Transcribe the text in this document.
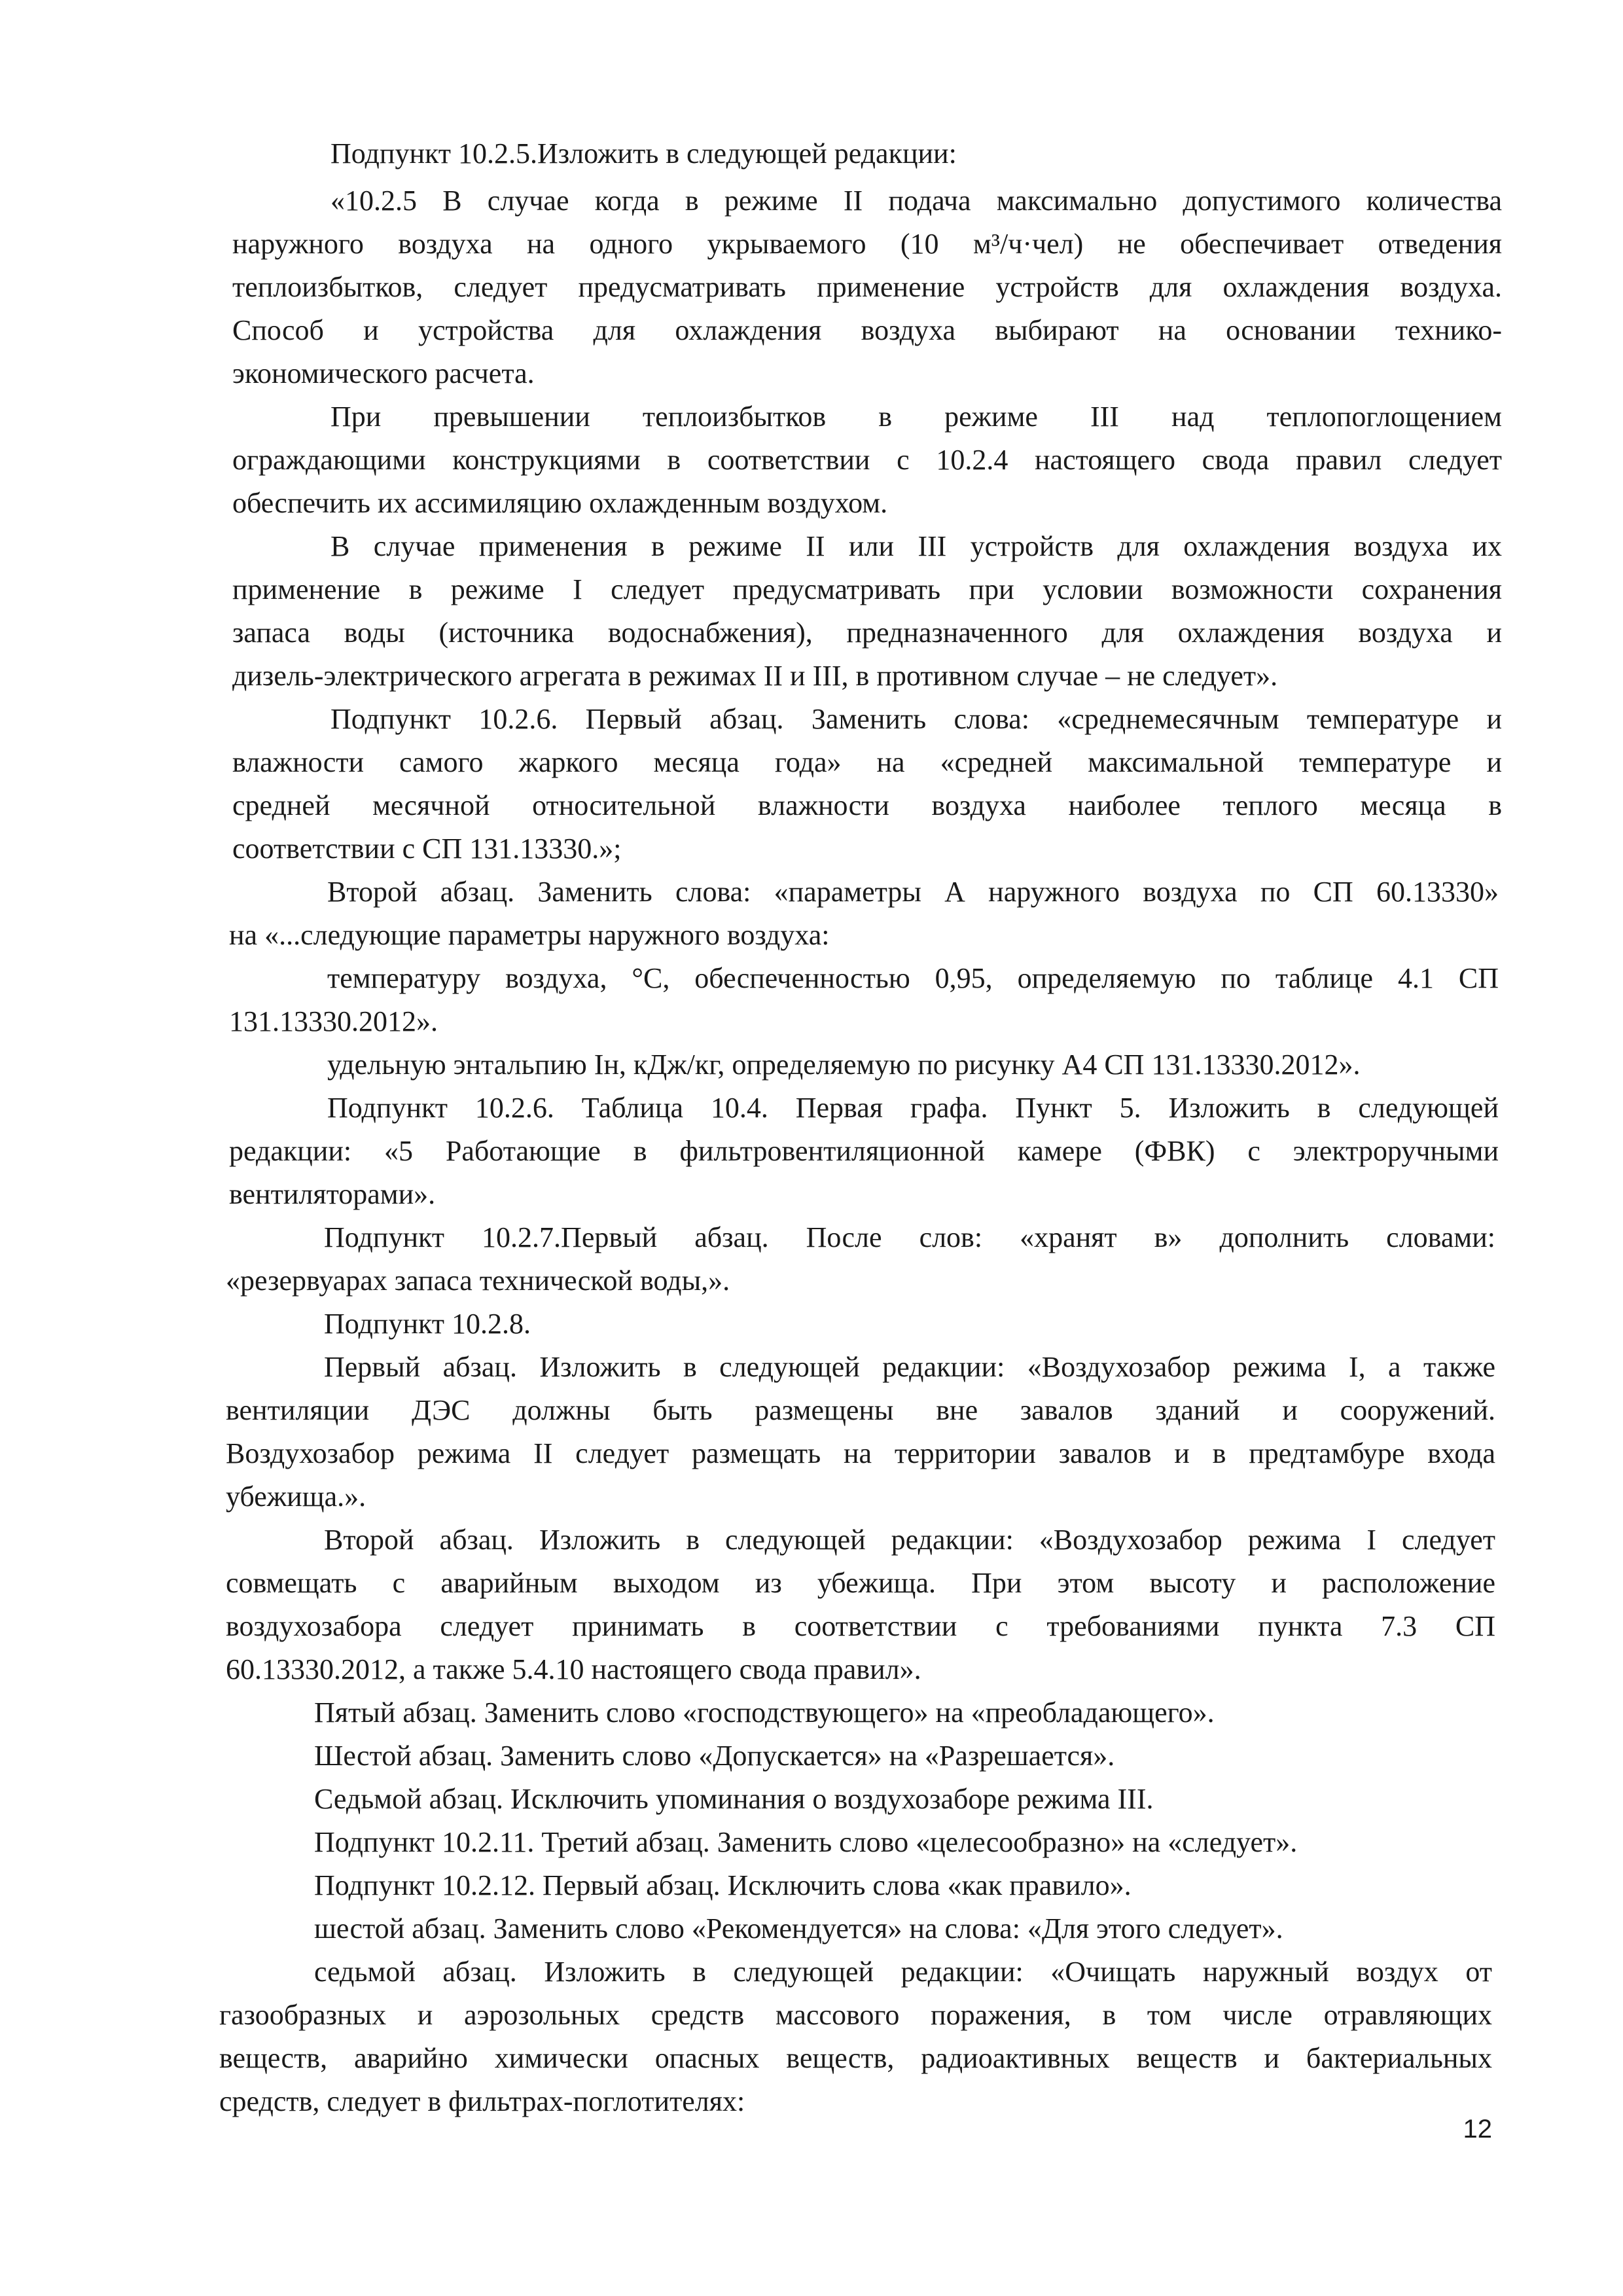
Подпункт 10.2.5.Изложить в следующей редакции:

«10.2.5 В случае когда в режиме II подача максимально допустимого количества

наружного воздуха на одного укрываемого (10 м³/ч·чел) не обеспечивает отведения

теплоизбытков, следует предусматривать применение устройств для охлаждения воздуха.

Способ и устройства для охлаждения воздуха выбирают на основании технико-

экономического расчета.

При превышении теплоизбытков в режиме III над теплопоглощением

ограждающими конструкциями в соответствии с 10.2.4 настоящего свода правил следует

обеспечить их ассимиляцию охлажденным воздухом.

В случае применения в режиме II или III устройств для охлаждения воздуха их

применение в режиме I следует предусматривать при условии возможности сохранения

запаса воды (источника водоснабжения), предназначенного для охлаждения воздуха и

дизель-электрического агрегата в режимах II и III, в противном случае – не следует».

Подпункт 10.2.6. Первый абзац. Заменить слова: «среднемесячным температуре и

влажности самого жаркого месяца года» на «средней максимальной температуре и

средней месячной относительной влажности воздуха наиболее теплого месяца в

соответствии с СП 131.13330.»;

Второй абзац. Заменить слова: «параметры А наружного воздуха по СП 60.13330»

на «...следующие параметры наружного воздуха:

температуру воздуха, °С, обеспеченностью 0,95, определяемую по таблице 4.1 СП

131.13330.2012».

удельную энтальпию Iн, кДж/кг, определяемую по рисунку А4 СП 131.13330.2012».

Подпункт 10.2.6. Таблица 10.4. Первая графа. Пункт 5. Изложить в следующей

редакции: «5 Работающие в фильтровентиляционной камере (ФВК) с электроручными

вентиляторами».

Подпункт 10.2.7.Первый абзац. После слов: «хранят в» дополнить словами:

«резервуарах запаса технической воды,».

Подпункт 10.2.8.

Первый абзац. Изложить в следующей редакции: «Воздухозабор режима I, а также

вентиляции ДЭС должны быть размещены вне завалов зданий и сооружений.

Воздухозабор режима II следует размещать на территории завалов и в предтамбуре входа

убежища.».

Второй абзац. Изложить в следующей редакции: «Воздухозабор режима I следует

совмещать с аварийным выходом из убежища. При этом высоту и расположение

воздухозабора следует принимать в соответствии с требованиями пункта 7.3 СП

60.13330.2012, а также 5.4.10 настоящего свода правил».

Пятый абзац. Заменить слово «господствующего» на «преобладающего».

Шестой абзац. Заменить слово «Допускается» на «Разрешается».

Седьмой абзац. Исключить упоминания о воздухозаборе режима III.

Подпункт 10.2.11. Третий абзац. Заменить слово «целесообразно» на «следует».

Подпункт 10.2.12. Первый абзац. Исключить слова «как правило».

шестой абзац. Заменить слово «Рекомендуется» на слова: «Для этого следует».

седьмой абзац. Изложить в следующей редакции: «Очищать наружный воздух от

газообразных и аэрозольных средств массового поражения, в том числе отравляющих

веществ, аварийно химически опасных веществ, радиоактивных веществ и бактериальных

средств, следует в фильтрах-поглотителях:

12
